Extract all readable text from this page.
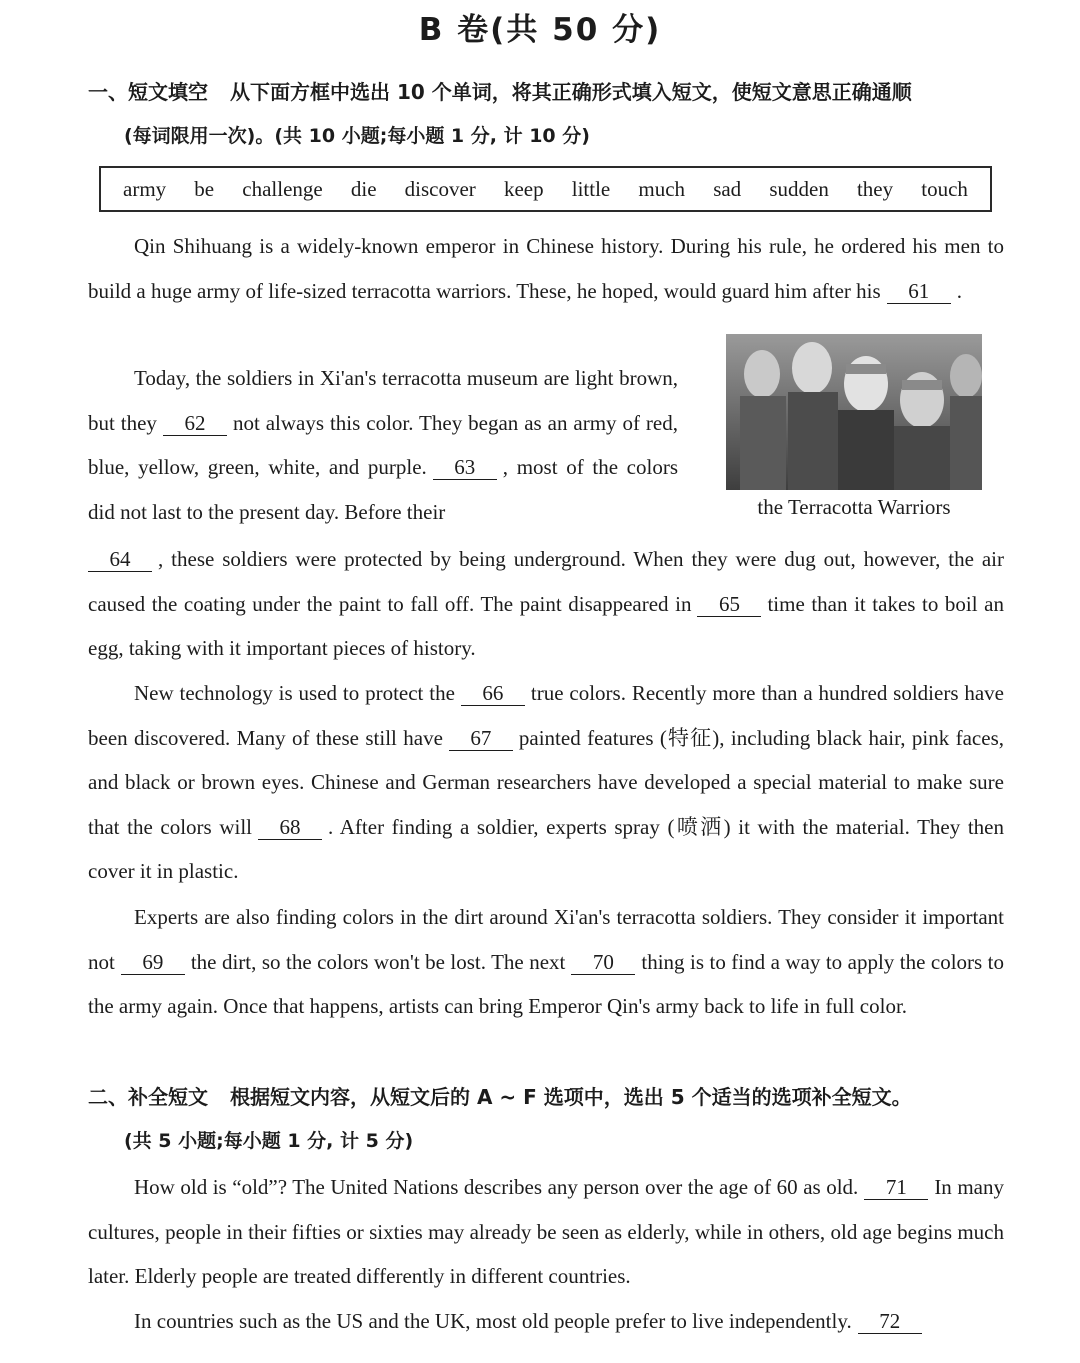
B 卷(共 50 分)
一、短文填空 从下面方框中选出 10 个单词，将其正确形式填入短文，使短文意思正确通顺
(每词限用一次)。(共 10 小题;每小题 1 分, 计 10 分)
army be challenge die discover keep little much sad sudden they touch

Qin Shihuang is a widely-known emperor in Chinese history. During his rule, he ordered his men to build a huge army of life-sized terracotta warriors. These, he hoped, would guard him after his 61 .

Today, the soldiers in Xi'an's terracotta museum are light brown, but they 62 not always this color. They began as an army of red, blue, yellow, green, white, and purple. 63 , most of the colors did not last to the present day. Before their	the Terracotta Warriors

64 , these soldiers were protected by being underground. When they were dug out, however, the air caused the coating under the paint to fall off. The paint disappeared in 65 time than it takes to boil an egg, taking with it important pieces of history.

New technology is used to protect the 66 true colors. Recently more than a hundred soldiers have been discovered. Many of these still have 67 painted features (特征), including black hair, pink faces, and black or brown eyes. Chinese and German researchers have developed a special material to make sure that the colors will 68 . After finding a soldier, experts spray (喷洒) it with the material. They then cover it in plastic.

Experts are also finding colors in the dirt around Xi'an's terracotta soldiers. They consider it important not 69 the dirt, so the colors won't be lost. The next 70 thing is to find a way to apply the colors to the army again. Once that happens, artists can bring Emperor Qin's army back to life in full color.

二、补全短文 根据短文内容，从短文后的 A ~ F 选项中，选出 5 个适当的选项补全短文。
(共 5 小题;每小题 1 分, 计 5 分)

How old is “old”? The United Nations describes any person over the age of 60 as old. 71 In many cultures, people in their fifties or sixties may already be seen as elderly, while in others, old age begins much later. Elderly people are treated differently in different countries.

In countries such as the US and the UK, most old people prefer to live independently. 72
